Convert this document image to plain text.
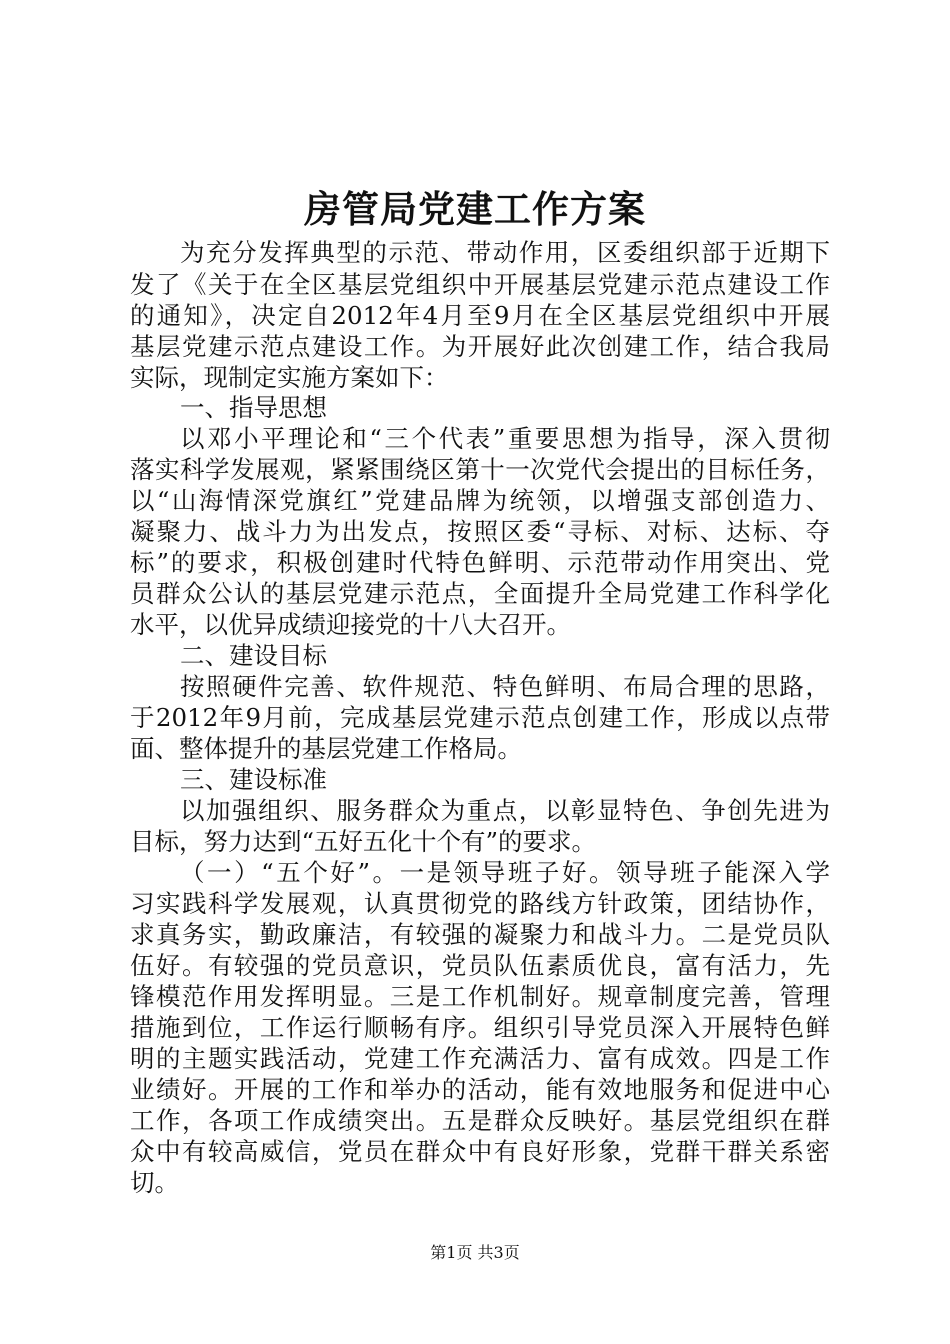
房管局党建工作方案
为充分发挥典型的示范、带动作用，区委组织部于近期下
发了《关于在全区基层党组织中开展基层党建示范点建设工作
的通知》，决定自2012年4月至9月在全区基层党组织中开展
基层党建示范点建设工作。为开展好此次创建工作，结合我局
实际，现制定实施方案如下：
一、指导思想
以邓小平理论和“三个代表”重要思想为指导，深入贯彻
落实科学发展观，紧紧围绕区第十一次党代会提出的目标任务，
以“山海情深党旗红”党建品牌为统领，以增强支部创造力、
凝聚力、战斗力为出发点，按照区委“寻标、对标、达标、夺
标”的要求，积极创建时代特色鲜明、示范带动作用突出、党
员群众公认的基层党建示范点，全面提升全局党建工作科学化
水平，以优异成绩迎接党的十八大召开。
二、建设目标
按照硬件完善、软件规范、特色鲜明、布局合理的思路，
于2012年9月前，完成基层党建示范点创建工作，形成以点带
面、整体提升的基层党建工作格局。
三、建设标准
以加强组织、服务群众为重点，以彰显特色、争创先进为
目标，努力达到“五好五化十个有”的要求。
（一）“五个好”。一是领导班子好。领导班子能深入学
习实践科学发展观，认真贯彻党的路线方针政策，团结协作，
求真务实，勤政廉洁，有较强的凝聚力和战斗力。二是党员队
伍好。有较强的党员意识，党员队伍素质优良，富有活力，先
锋模范作用发挥明显。三是工作机制好。规章制度完善，管理
措施到位，工作运行顺畅有序。组织引导党员深入开展特色鲜
明的主题实践活动，党建工作充满活力、富有成效。四是工作
业绩好。开展的工作和举办的活动，能有效地服务和促进中心
工作，各项工作成绩突出。五是群众反映好。基层党组织在群
众中有较高威信，党员在群众中有良好形象，党群干群关系密
切。
第1页 共3页
